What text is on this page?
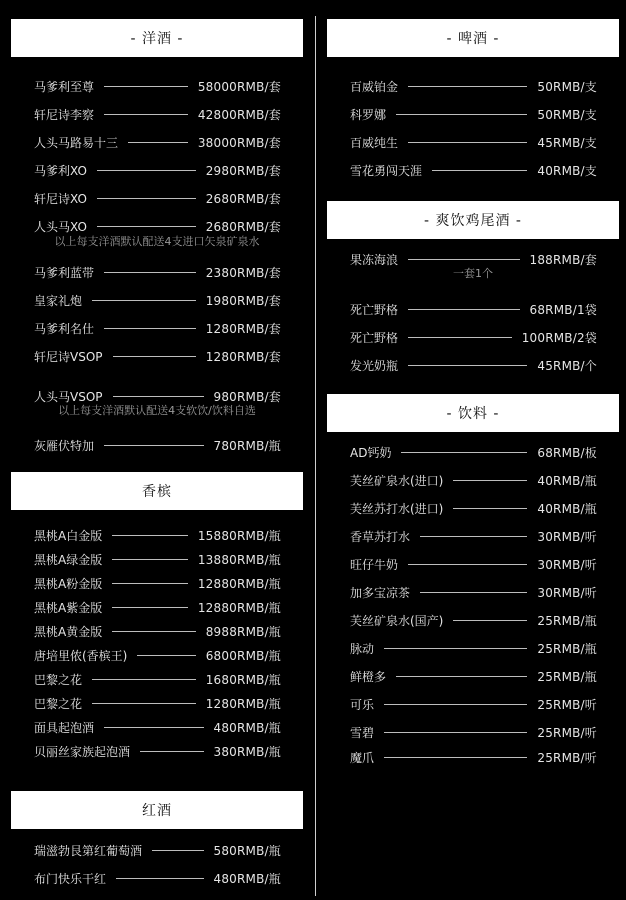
- 洋酒 -
马爹利至尊	58000RMB/套
轩尼诗李察	42800RMB/套
人头马路易十三	38000RMB/套
马爹利XO	2980RMB/套
轩尼诗XO	2680RMB/套
人头马XO	2680RMB/套
以上每支洋酒默认配送4支进口矢泉矿泉水
马爹利蓝带	2380RMB/套
皇家礼炮	1980RMB/套
马爹利名仕	1280RMB/套
轩尼诗VSOP	1280RMB/套
人头马VSOP	980RMB/套
以上每支洋酒默认配送4支软饮/饮料自选
灰雁伏特加	780RMB/瓶
香槟
黑桃A白金版	15880RMB/瓶
黑桃A绿金版	13880RMB/瓶
黑桃A粉金版	12880RMB/瓶
黑桃A紫金版	12880RMB/瓶
黑桃A黄金版	8988RMB/瓶
唐培里侬(香槟王)	6800RMB/瓶
巴黎之花	1680RMB/瓶
巴黎之花	1280RMB/瓶
面具起泡酒	480RMB/瓶
贝丽丝家族起泡酒	380RMB/瓶
红酒
瑞滋勃艮第红葡萄酒	580RMB/瓶
布门快乐干红	480RMB/瓶
- 啤酒 -
百威铂金	50RMB/支
科罗娜	50RMB/支
百威纯生	45RMB/支
雪花勇闯天涯	40RMB/支
- 爽饮鸡尾酒 -
果冻海浪	188RMB/套
一套1个
死亡野格	68RMB/1袋
死亡野格	100RMB/2袋
发光奶瓶	45RMB/个
- 饮料 -
AD钙奶	68RMB/板
芙丝矿泉水(进口)	40RMB/瓶
芙丝苏打水(进口)	40RMB/瓶
香草苏打水	30RMB/听
旺仔牛奶	30RMB/听
加多宝凉茶	30RMB/听
芙丝矿泉水(国产)	25RMB/瓶
脉动	25RMB/瓶
鲜橙多	25RMB/瓶
可乐	25RMB/听
雪碧	25RMB/听
魔爪	25RMB/听
